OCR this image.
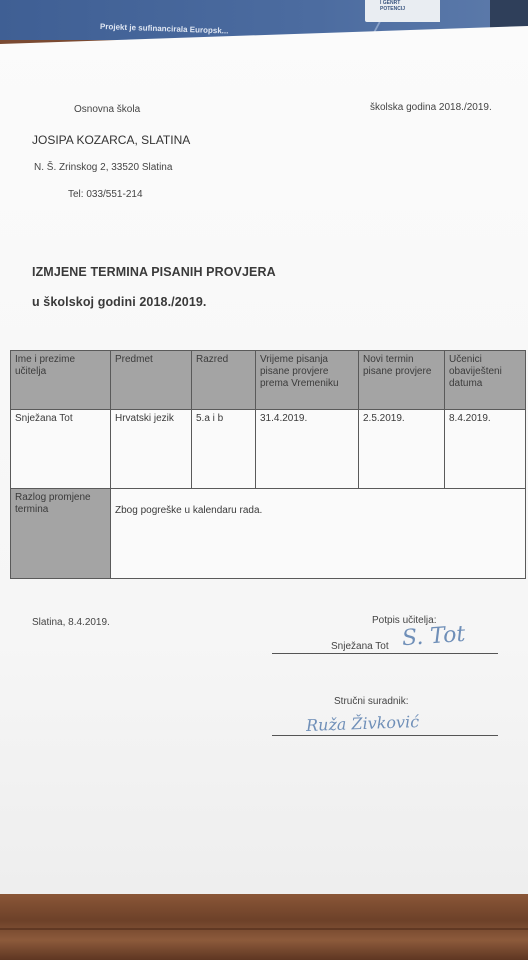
I GENRT
POTENCIJ
Projekt je sufinancirala Europsk...
Osnovna škola	školska godina 2018./2019.
JOSIPA KOZARCA, SLATINA
N. Š. Zrinskog 2, 33520 Slatina
Tel: 033/551-214
IZMJENE TERMINA PISANIH PROVJERA
u školskoj godini 2018./2019.
Ime i prezime učitelja	Predmet	Razred	Vrijeme pisanja pisane provjere prema Vremeniku	Novi termin pisane provjere	Učenici obaviješteni datuma
Snježana Tot	Hrvatski jezik	5.a i b	31.4.2019.	2.5.2019.	8.4.2019.
Razlog promjene termina	Zbog pogreške u kalendaru rada.				
Slatina, 8.4.2019.	Potpis učitelja:
Snježana Tot S. Tot
Stručni suradnik:
Ruža Živković
